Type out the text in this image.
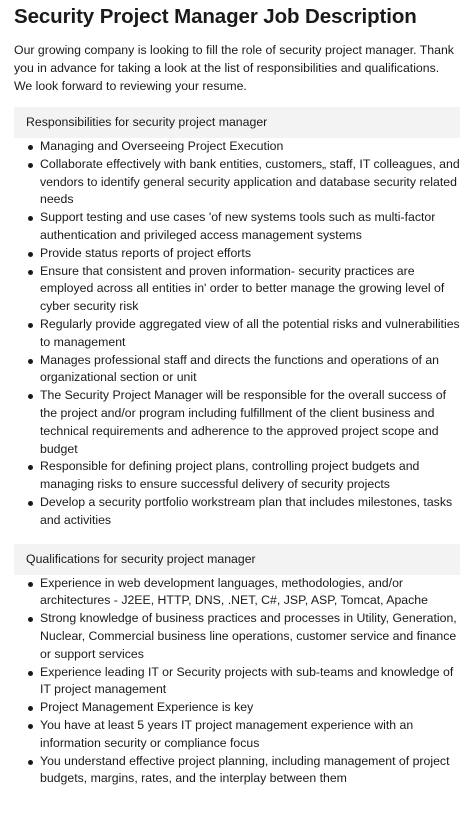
Security Project Manager Job Description

Our growing company is looking to fill the role of security project manager. Thank you in advance for taking a look at the list of responsibilities and qualifications. We look forward to reviewing your resume.

Responsibilities for security project manager
Managing and Overseeing Project Execution
Collaborate effectively with bank entities, customers„ staff, IT colleagues, and vendors to identify general security application and database security related needs
Support testing and use cases 'of new systems tools such as multi-factor authentication and privileged access management systems
Provide status reports of project efforts
Ensure that consistent and proven information- security practices are employed across all entities in' order to better manage the growing level of cyber security risk
Regularly provide aggregated view of all the potential risks and vulnerabilities to management
Manages professional staff and directs the functions and operations of an organizational section or unit
The Security Project Manager will be responsible for the overall success of the project and/or program including fulfillment of the client business and technical requirements and adherence to the approved project scope and budget
Responsible for defining project plans, controlling project budgets and managing risks to ensure successful delivery of security projects
Develop a security portfolio workstream plan that includes milestones, tasks and activities
Qualifications for security project manager
Experience in web development languages, methodologies, and/or architectures - J2EE, HTTP, DNS, .NET, C#, JSP, ASP, Tomcat, Apache
Strong knowledge of business practices and processes in Utility, Generation, Nuclear, Commercial business line operations, customer service and finance or support services
Experience leading IT or Security projects with sub-teams and knowledge of IT project management
Project Management Experience is key
You have at least 5 years IT project management experience with an information security or compliance focus
You understand effective project planning, including management of project budgets, margins, rates, and the interplay between them
